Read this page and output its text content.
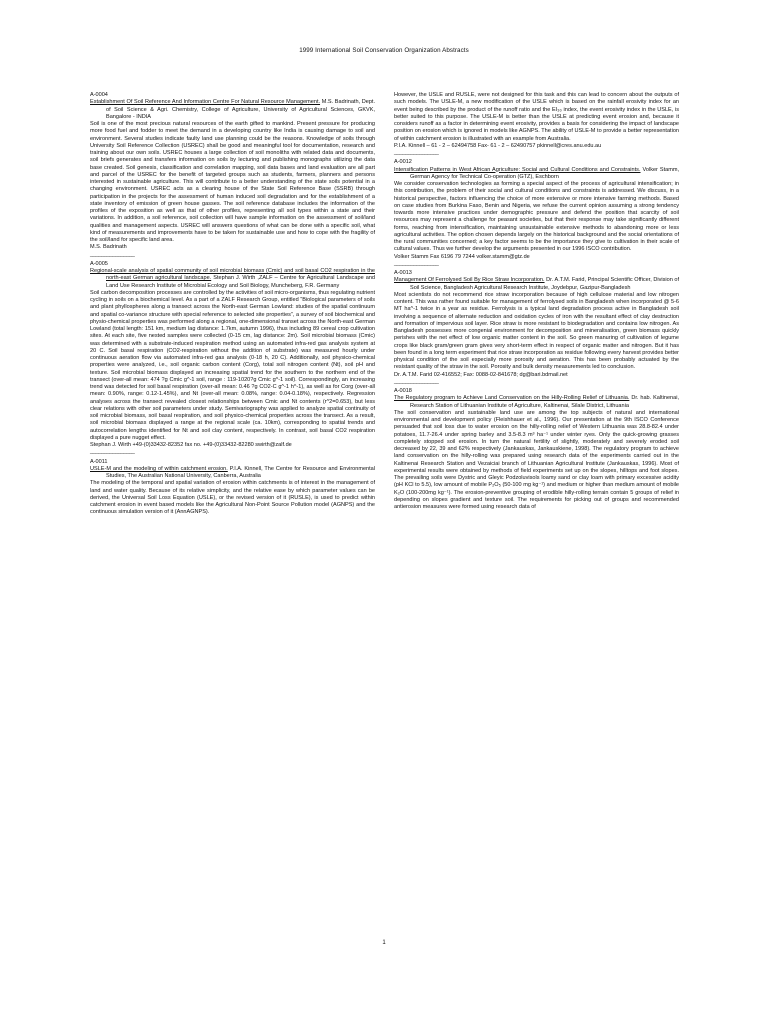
1999 International Soil Conservation Organization Abstracts

A-0004

Establishment Of Soil Reference And Information Centre For Natural Resource Management. M.S. Badrinath, Dept. of Soil Science & Agri. Chemistry, College of Agriculture, University of Agricultural Sciences, GKVK, Bangalore - INDIA

Soil is one of the most precious natural resources of the earth gifted to mankind. Present pressure for producing more food fuel and fodder to meet the demand in a developing country like India is causing damage to soil and environment. Several studies indicate faulty land use planning could be the reasons. Knowledge of soils through University Soil Reference Collection (USREC) shall be good and meaningful tool for documentation, research and training about our own soils. USREC houses a large collection of soil monoliths with related data and documents, soil briefs generates and transfers information on soils by lecturing and publishing monographs utilizing the data base created. Soil genesis, classification and correlation mapping, soil data bases and land evaluation are all part and parcel of the USREC for the benefit of targeted groups such as students, farmers, planners and persons interested in sustainable agriculture. This will contribute to a better understanding of the state soils potential in a changing environment. USREC acts as a clearing house of the State Soil Reference Base (SSRB) through participation in the projects for the assessment of human induced soil degradation and for the establishment of a state inventory of emission of green house gasses. The soil reference database includes the information of the profiles of the exposition as well as that of other profiles, representing all soil types within a state and their variations. In addition, a soil reference, soil collection will have sample information on the assessment of soil/land qualities and management aspects. USREC will answers questions of what can be done with a specific soil, what kind of measurements and improvements have to be taken for sustainable use and how to cope with the fragility of the soil/land for specific land area.

M.S. Badrinath

________________

A-0005

Regional-scale analysis of spatial community of soil microbial biomass (Cmic) and soil basal CO2 respiration in the north-east German agricultural landscape. Stephan J. Wirth ,ZALF – Centre for Agricultural Landscape and Land Use Research Institute of Microbial Ecology and Soil Biology, Muncheberg, F.R. Germany

Soil carbon decomposition processes are controlled by the activities of soil micro-organisms, thus regulating nutrient cycling in soils on a biochemical level. As a part of a ZALF Research Group, entitled “Biological parameters of soils and plant phyllospheres along a transect across the North-east German Lowland: studies of the spatial continuum and spatial co-variance structure with special reference to selected site properties”, a survey of soil biochemical and physio-chemical properties was performed along a regional, one-dimensional transet across the North-east German Lowland (total length: 151 km, medium lag distance: 1.7km, autumn 1996), thus including 89 cereal crop cultivation sites. At each site, five nested samples were collected (0-15 cm, lag distance: 2m). Soil microbial biomass (Cmic) was determined with a substrate-induced respiration method using an automated infra-red gas analysis system at 20 C. Soil basal respiration (CO2-respiration without the addition of substrate) was measured hourly under continuous aeration flow via automated infra-red gas analysis (0-18 h, 20 C). Additionally, soil physico-chemical properties were analyzed, i.e., soil organic carbon content (Corg), total soil nitrogen content (Nt), soil pH and texture. Soil microbial biomass displayed an increasing spatial trend for the southern to the northern end of the transect (over-all mean: 474 ?g Cmic g^-1 soil, range : 119-1020?g Cmic g^-1 soil). Correspondingly, an increasing trend was detected for soil basal respiration (over-all mean: 0.46 ?g CO2-C g^-1 h^-1), as well as for Corg (over-all mean: 0.90%, range: 0.12-1.45%), and Nt (over-all mean: 0.08%, range: 0.04-0.18%), respectively. Regression analyses across the transect revealed closest relationships between Cmic and Nt contents (r^2=0.653), but less clear relations with other soil parameters under study. Semivariography was applied to analyze spatial continuity of soil microbial biomass, soil basal respiration, and soil physico-chemical properties across the transect. As a result, soil microbial biomass displayed a range at the regional scale (ca. 10km), corresponding to spatial trends and autocorrelation lengths identified for Nt and soil clay content, respectively. In contrast, soil basal CO2 respiration displayed a pure nugget effect.

Stephan J. Wirth +49-(0)33432-82352 fax no. +49-(0)33432-82280 swirth@zalf.de

________________

A-0011

USLE-M and the modeling of within catchment erosion. P.I.A. Kinnell, The Centre for Resource and Environmental Studies, The Australian National University, Canberra, Australia

The modeling of the temporal and spatial variation of erosion within catchments is of interest in the management of land and water quality. Because of its relative simplicity, and the relative ease by which parameter values can be derived, the Universal Soil Loss Equation (USLE), or the revised version of it (RUSLE), is used to predict within catchment erosion in event based models like the Agricultural Non-Point Source Pollution model (AGNPS) and the continuous simulation version of it (AnnAGNPS).

However, the USLE and RUSLE, were not designed for this task and this can lead to concern about the outputs of such models. The USLE-M, a new modification of the USLE which is based on the rainfall erosivity index for an event being described by the product of the runoff ratio and the EI₃₀ index, the event erosivity index in the USLE, is better suited to this purpose. The USLE-M is better than the USLE at predicting event erosion and, because it considers runoff as a factor in determining event erosivity, provides a basis for considering the impact of landscape position on erosion which is ignored in models like AGNPS. The ability of USLE-M to provide a better representation of within catchment erosion is illustrated with an example from Australia.

P.I.A. Kinnell – 61 - 2 – 62494758 Fax- 61 - 2 – 62490757 pkinnell@cres.anu.edu.au

________________

A-0012

Intensification Patterns in West African Agriculture: Social and Cultural Conditions and Constraints. Volker Stamm, German Agency for Technical Co-operation (GTZ), Eschborn

We consider conservation technologies as forming a special aspect of the process of agricultural intensification; in this contribution, the problem of their social and cultural conditions and constraints is addressed. We discuss, in a historical perspective, factors influencing the choice of more extensive or more intensive farming methods. Based on case studies from Burkina Faso, Benin and Nigeria, we refuse the current opinion assuming a strong tendency towards more intensive practices under demographic pressure and defend the position that scarcity of soil resources may represent a challenge for peasant societies, but that their response may take significantly different forms, reaching from intensification, maintaining unsustainable extensive methods to abandoning more or less agricultural activities. The option chosen depends largely on the historical background and the social orientations of the rural communities concerned; a key factor seems to be the importance they give to cultivation in their scale of cultural values. Thus we further develop the arguments presented in our 1996 ISCO contribution.

Volker Stamm Fax 6196 79 7244 volker.stamm@gtz.de

________________

A-0013

Management Of Ferrolysed Soil By Rice Straw Incorporation. Dr. A.T.M. Farid, Principal Scientific Officer, Division of Soil Science, Bangladesh Agricultural Research Institute, Joydebpur, Gazipur-Bangladesh

Most scientists do not recommend rice straw incorporation because of high cellulose material and low nitrogen content. This was rather found suitable for management of ferrolysed soils in Bangladesh when incorporated @ 5-6 MT ha^-1 twice in a year as residue. Ferrolysis is a typical land degradation process active in Bangladesh soil involving a sequence of alternate reduction and oxidation cycles of iron with the resultant effect of clay destruction and formation of impervious soil layer. Rice straw is more resistant to biodegradation and contains low nitrogen. As Bangladesh possesses more congenial environment for decomposition and mineralisation, green biomass quickly perishes with the net effect of low organic matter content in the soil. So green manuring of cultivation of legume crops like black gram/green gram gives very short-term effect in respect of organic matter and nitrogen. But it has been found in a long term experiment that rice straw incorporation as residue following every harvest provides better physical condition of the soil especially more porosity and aeration. This has been probably actuated by the resistant quality of the straw in the soil. Porosity and bulk density measurements led to conclusion.

Dr. A.T.M. Farid 02-416552; Fax: 0088-02-841678; dg@bari.bdmail.net

________________

A-0018

The Regulatory program to Achieve Land Conservation on the Hilly-Rolling Relief of Lithuania. Dr. hab. Kaltinenai, Research Station of Lithuanian Institute of Agriculture, Kaltinenai, Silale District, Lithuania

The soil conservation and sustainable land use are among the top subjects of natural and international environmental and development policy (Fleishhauer et al., 1996). Our presentation at the 9th ISCO Conference persuaded that soil loss due to water erosion on the hilly-rolling relief of Western Lithuania was 28.8-82.4 under potatoes, 11.7-26.4 under spring barley and 3.5-8.3 m³ ha⁻¹ under winter ryes. Only the quick-growing grasses completely stopped soil erosion. In turn the natural fertility of slightly, moderately and severely eroded soil decreased by 22, 39 and 62% respectively (Jankauskas, Jankauskiene, 1998). The regulatory program to achieve land conservation on the hilly-rolling was prepared using research data of the experiments carried out in the Kaltinenai Research Station and Vezaiciai branch of Lithuanian Agricultural Institute (Jankauskas, 1996). Most of experimental results were obtained by methods of field experiments set up on the slopes, hilltops and foot slopes. The prevailing soils were Dystric and Gleyic Podzoluvisols loamy sand or clay loam with primary excessive acidity (pH KCl to 5.5), low amount of mobile P₂O₅ (50-100 mg kg⁻¹) and medium or higher than medium amount of mobile K₂O (100-200mg kg⁻¹). The erosion-preventive grouping of erodible hilly-rolling terrain contain 5 groups of relief in depending on slopes gradient and texture soil. The requirements for picking out of groups and recommended antierosion measures were formed using research data of

1
